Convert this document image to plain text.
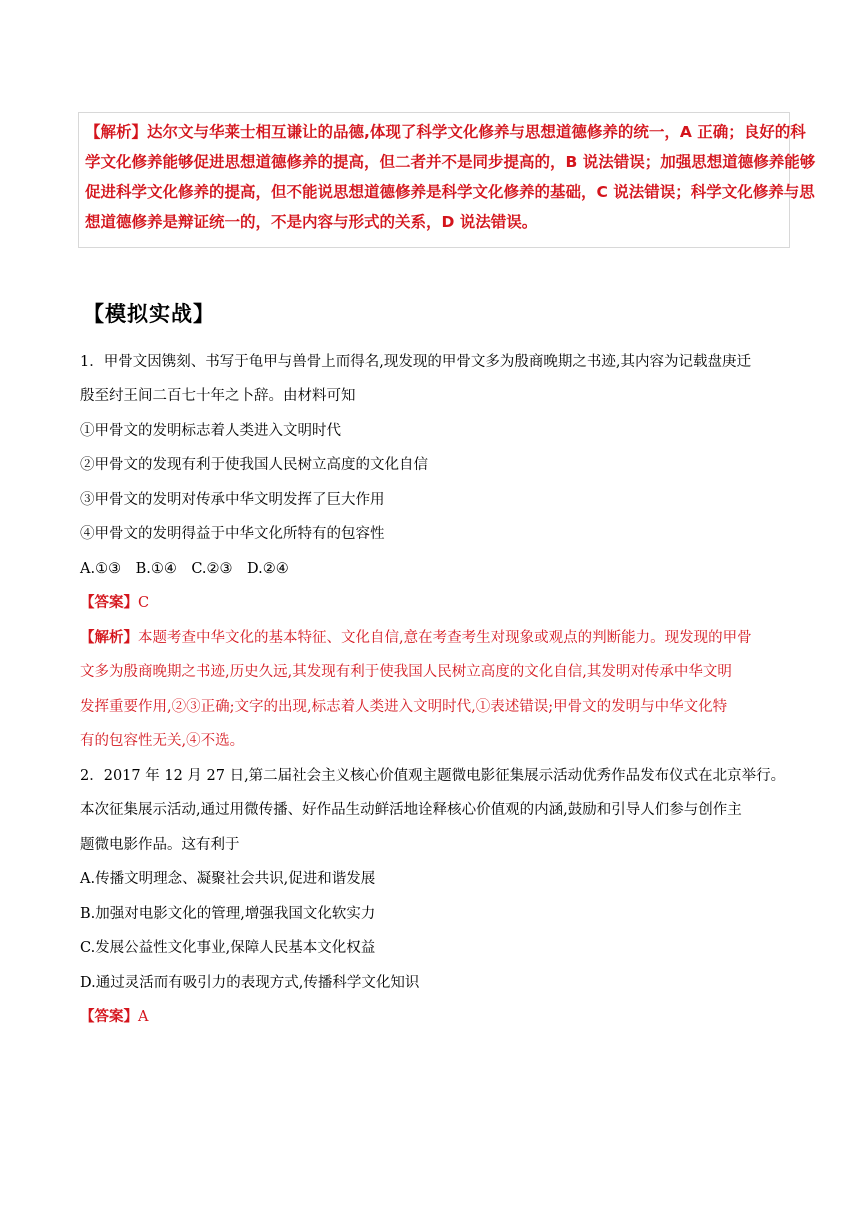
【解析】达尔文与华莱士相互谦让的品德,体现了科学文化修养与思想道德修养的统一，A 正确；良好的科
学文化修养能够促进思想道德修养的提高，但二者并不是同步提高的，B 说法错误；加强思想道德修养能够
促进科学文化修养的提高，但不能说思想道德修养是科学文化修养的基础，C 说法错误；科学文化修养与思
想道德修养是辩证统一的，不是内容与形式的关系，D 说法错误。
【模拟实战】
1．甲骨文因镌刻、书写于龟甲与兽骨上而得名,现发现的甲骨文多为殷商晚期之书迹,其内容为记载盘庚迁
殷至纣王间二百七十年之卜辞。由材料可知
①甲骨文的发明标志着人类进入文明时代
②甲骨文的发现有利于使我国人民树立高度的文化自信
③甲骨文的发明对传承中华文明发挥了巨大作用
④甲骨文的发明得益于中华文化所特有的包容性
A.①③　B.①④　C.②③　D.②④
【答案】C
【解析】本题考查中华文化的基本特征、文化自信,意在考查考生对现象或观点的判断能力。现发现的甲骨
文多为殷商晚期之书迹,历史久远,其发现有利于使我国人民树立高度的文化自信,其发明对传承中华文明
发挥重要作用,②③正确;文字的出现,标志着人类进入文明时代,①表述错误;甲骨文的发明与中华文化特
有的包容性无关,④不选。
2．2017 年 12 月 27 日,第二届社会主义核心价值观主题微电影征集展示活动优秀作品发布仪式在北京举行。
本次征集展示活动,通过用微传播、好作品生动鲜活地诠释核心价值观的内涵,鼓励和引导人们参与创作主
题微电影作品。这有利于
A.传播文明理念、凝聚社会共识,促进和谐发展
B.加强对电影文化的管理,增强我国文化软实力
C.发展公益性文化事业,保障人民基本文化权益
D.通过灵活而有吸引力的表现方式,传播科学文化知识
【答案】A
